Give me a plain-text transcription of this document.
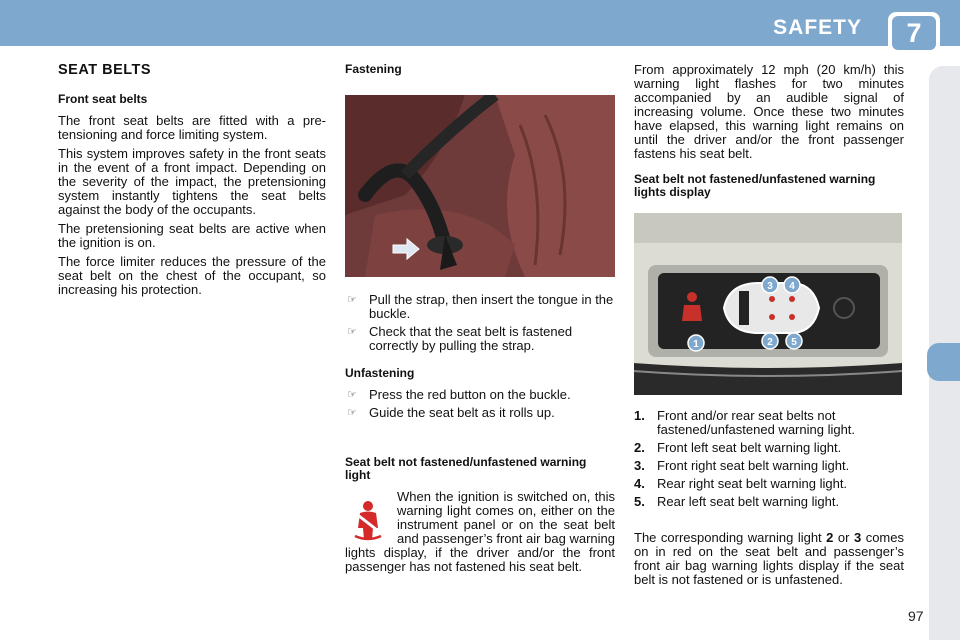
SAFETY	7
SEAT BELTS
Front seat belts

The front seat belts are fitted with a pre-tensioning and force limiting system.

This system improves safety in the front seats in the event of a front impact. Depending on the severity of the impact, the pretensioning system instantly tightens the seat belts against the body of the occupants.

The pretensioning seat belts are active when the ignition is on.

The force limiter reduces the pressure of the seat belt on the chest of the occupant, so increasing his protection.

Fastening
☞ Pull the strap, then insert the tongue in the buckle.
☞ Check that the seat belt is fastened correctly by pulling the strap.
Unfastening
☞ Press the red button on the buckle.
☞ Guide the seat belt as it rolls up.
Seat belt not fastened/unfastened warning light

When the ignition is switched on, this warning light comes on, either on the instrument panel or on the seat belt and passenger’s front air bag warning lights display, if the driver and/or the front passenger has not fastened his seat belt.

From approximately 12 mph (20 km/h) this warning light flashes for two minutes accompanied by an audible signal of increasing volume. Once these two minutes have elapsed, this warning light remains on until the driver and/or the front passenger fastens his seat belt.

Seat belt not fastened/unfastened warning lights display
1	2
3 4
5
1. Front and/or rear seat belts not fastened/unfastened warning light.
2. Front left seat belt warning light.
3. Front right seat belt warning light.
4. Rear right seat belt warning light.
5. Rear left seat belt warning light.

The corresponding warning light 2 or 3 comes on in red on the seat belt and passenger’s front air bag warning lights display if the seat belt is not fastened or is unfastened.

97
